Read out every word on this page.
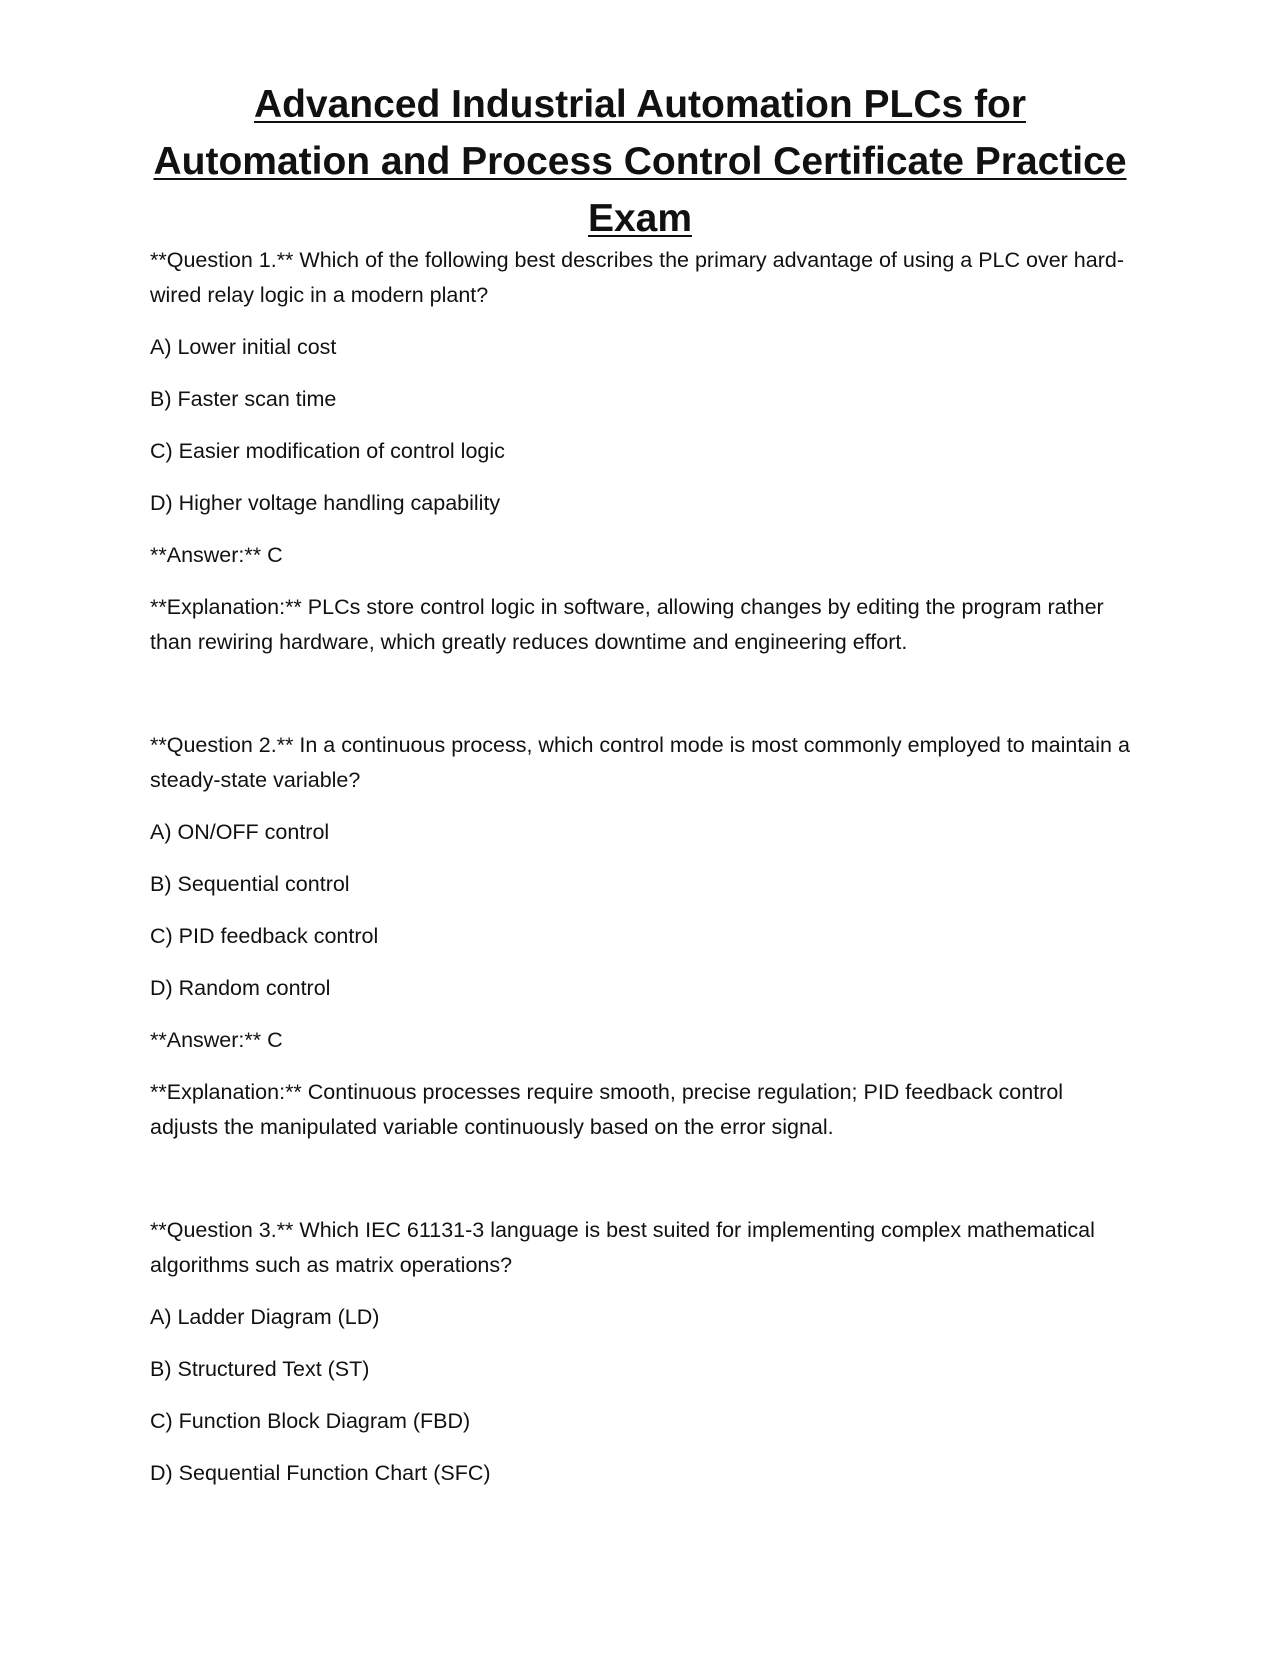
Advanced Industrial Automation PLCs for Automation and Process Control Certificate Practice Exam

**Question 1.** Which of the following best describes the primary advantage of using a PLC over hard-wired relay logic in a modern plant?

A) Lower initial cost

B) Faster scan time

C) Easier modification of control logic

D) Higher voltage handling capability

**Answer:** C

**Explanation:** PLCs store control logic in software, allowing changes by editing the program rather than rewiring hardware, which greatly reduces downtime and engineering effort.

**Question 2.** In a continuous process, which control mode is most commonly employed to maintain a steady-state variable?

A) ON/OFF control

B) Sequential control

C) PID feedback control

D) Random control

**Answer:** C

**Explanation:** Continuous processes require smooth, precise regulation; PID feedback control adjusts the manipulated variable continuously based on the error signal.

**Question 3.** Which IEC 61131-3 language is best suited for implementing complex mathematical algorithms such as matrix operations?

A) Ladder Diagram (LD)

B) Structured Text (ST)

C) Function Block Diagram (FBD)

D) Sequential Function Chart (SFC)
